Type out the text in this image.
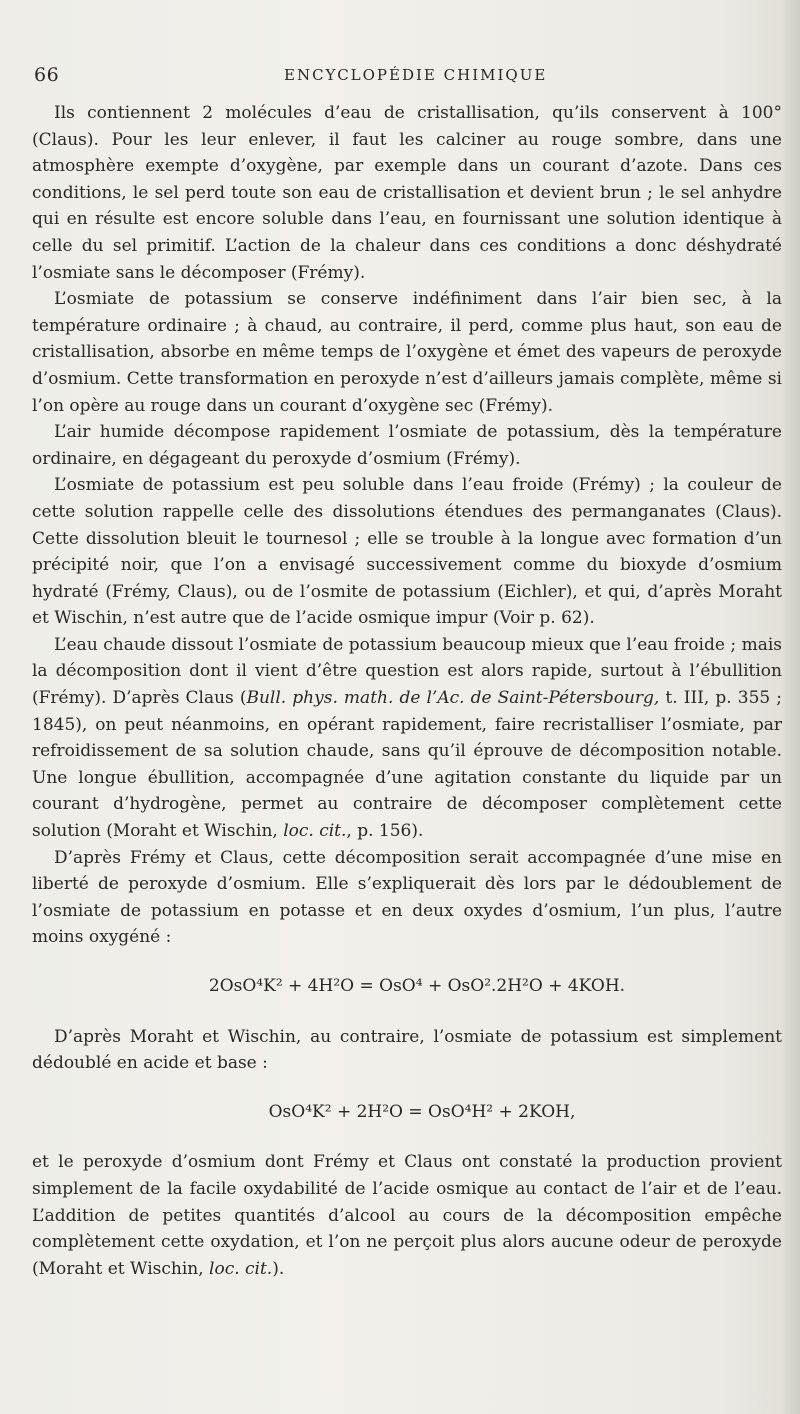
66	ENCYCLOPÉDIE CHIMIQUE

Ils contiennent 2 molécules d’eau de cristallisation, qu’ils conservent à 100° (Claus). Pour les leur enlever, il faut les calciner au rouge sombre, dans une atmosphère exempte d’oxygène, par exemple dans un courant d’azote. Dans ces conditions, le sel perd toute son eau de cristallisation et devient brun ; le sel anhydre qui en résulte est encore soluble dans l’eau, en fournissant une solution identique à celle du sel primitif. L’action de la chaleur dans ces conditions a donc déshydraté l’osmiate sans le décomposer (Frémy).

L’osmiate de potassium se conserve indéfiniment dans l’air bien sec, à la température ordinaire ; à chaud, au contraire, il perd, comme plus haut, son eau de cristallisation, absorbe en même temps de l’oxygène et émet des vapeurs de peroxyde d’osmium. Cette transformation en peroxyde n’est d’ailleurs jamais complète, même si l’on opère au rouge dans un courant d’oxygène sec (Frémy).

L’air humide décompose rapidement l’osmiate de potassium, dès la température ordinaire, en dégageant du peroxyde d’osmium (Frémy).

L’osmiate de potassium est peu soluble dans l’eau froide (Frémy) ; la couleur de cette solution rappelle celle des dissolutions étendues des permanganates (Claus). Cette dissolution bleuit le tournesol ; elle se trouble à la longue avec formation d’un précipité noir, que l’on a envisagé successivement comme du bioxyde d’osmium hydraté (Frémy, Claus), ou de l’osmite de potassium (Eichler), et qui, d’après Moraht et Wischin, n’est autre que de l’acide osmique impur (Voir p. 62).

L’eau chaude dissout l’osmiate de potassium beaucoup mieux que l’eau froide ; mais la décomposition dont il vient d’être question est alors rapide, surtout à l’ébullition (Frémy). D’après Claus (Bull. phys. math. de l’Ac. de Saint-Pétersbourg, t. III, p. 355 ; 1845), on peut néanmoins, en opérant rapidement, faire recristalliser l’osmiate, par refroidissement de sa solution chaude, sans qu’il éprouve de décomposition notable. Une longue ébullition, accompagnée d’une agitation constante du liquide par un courant d’hydrogène, permet au contraire de décomposer complètement cette solution (Moraht et Wischin, loc. cit., p. 156).

D’après Frémy et Claus, cette décomposition serait accompagnée d’une mise en liberté de peroxyde d’osmium. Elle s’expliquerait dès lors par le dédoublement de l’osmiate de potassium en potasse et en deux oxydes d’osmium, l’un plus, l’autre moins oxygéné :

2OsO⁴K² + 4H²O = OsO⁴ + OsO².2H²O + 4KOH.

D’après Moraht et Wischin, au contraire, l’osmiate de potassium est simplement dédoublé en acide et base :

OsO⁴K² + 2H²O = OsO⁴H² + 2KOH,

et le peroxyde d’osmium dont Frémy et Claus ont constaté la production provient simplement de la facile oxydabilité de l’acide osmique au contact de l’air et de l’eau. L’addition de petites quantités d’alcool au cours de la décomposition empêche complètement cette oxydation, et l’on ne perçoit plus alors aucune odeur de peroxyde (Moraht et Wischin, loc. cit.).
